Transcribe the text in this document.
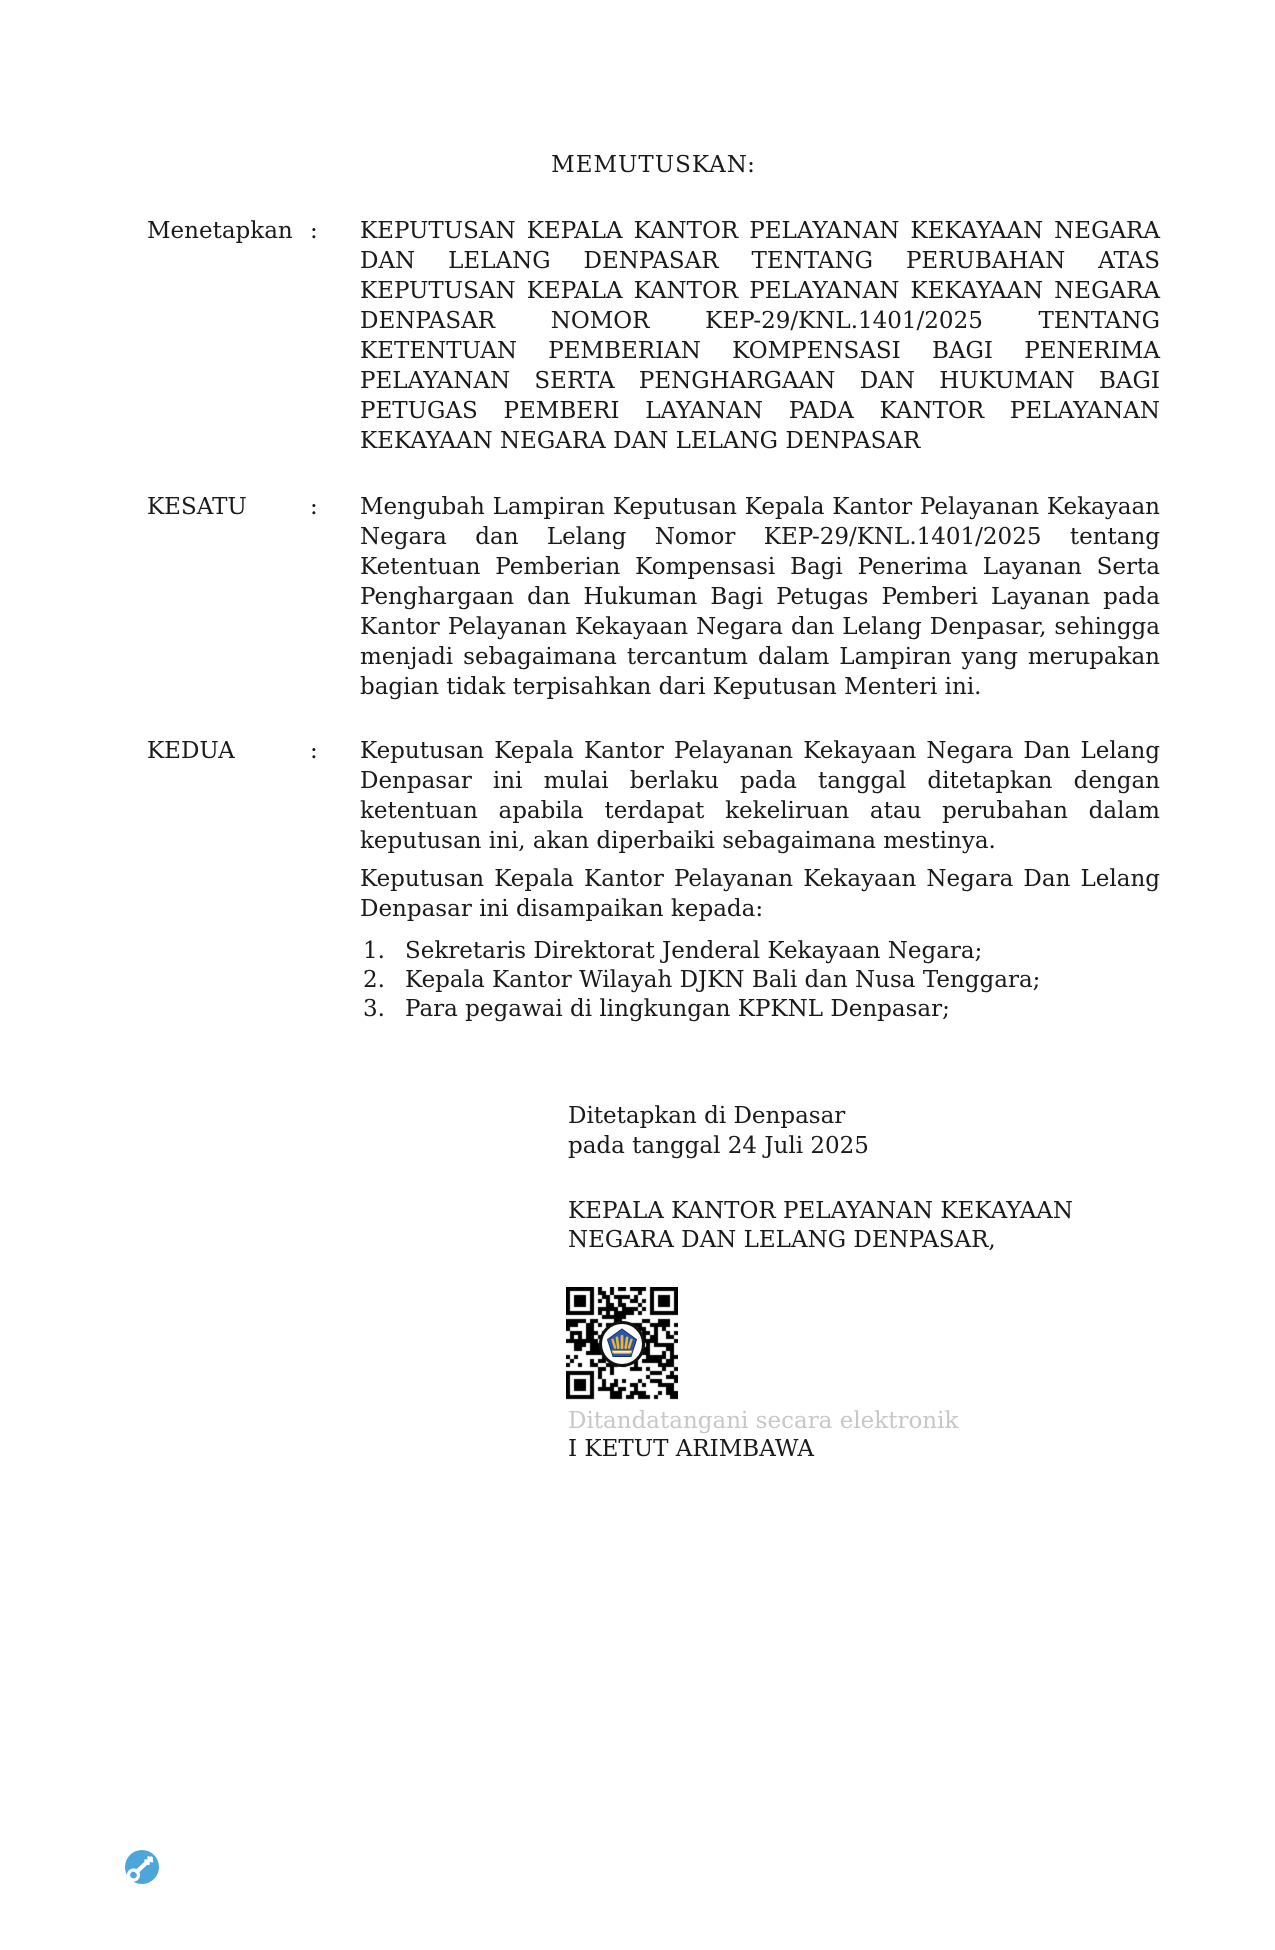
MEMUTUSKAN:
Menetapkan :	KEPUTUSAN KEPALA KANTOR PELAYANAN KEKAYAAN NEGARA
DAN LELANG DENPASAR TENTANG PERUBAHAN ATAS
KEPUTUSAN KEPALA KANTOR PELAYANAN KEKAYAAN NEGARA
DENPASAR NOMOR KEP-29/KNL.1401/2025 TENTANG
KETENTUAN PEMBERIAN KOMPENSASI BAGI PENERIMA
PELAYANAN SERTA PENGHARGAAN DAN HUKUMAN BAGI
PETUGAS PEMBERI LAYANAN PADA KANTOR PELAYANAN
KEKAYAAN NEGARA DAN LELANG DENPASAR
KESATU	:	Mengubah Lampiran Keputusan Kepala Kantor Pelayanan Kekayaan
Negara dan Lelang Nomor KEP-29/KNL.1401/2025 tentang
Ketentuan Pemberian Kompensasi Bagi Penerima Layanan Serta
Penghargaan dan Hukuman Bagi Petugas Pemberi Layanan pada
Kantor Pelayanan Kekayaan Negara dan Lelang Denpasar, sehingga
menjadi sebagaimana tercantum dalam Lampiran yang merupakan
bagian tidak terpisahkan dari Keputusan Menteri ini.
KEDUA	:	Keputusan Kepala Kantor Pelayanan Kekayaan Negara Dan Lelang
Denpasar ini mulai berlaku pada tanggal ditetapkan dengan
ketentuan apabila terdapat kekeliruan atau perubahan dalam
keputusan ini, akan diperbaiki sebagaimana mestinya.
Keputusan Kepala Kantor Pelayanan Kekayaan Negara Dan Lelang
Denpasar ini disampaikan kepada:
1. Sekretaris Direktorat Jenderal Kekayaan Negara;
2. Kepala Kantor Wilayah DJKN Bali dan Nusa Tenggara;
3. Para pegawai di lingkungan KPKNL Denpasar;
Ditetapkan di Denpasar
pada tanggal 24 Juli 2025
KEPALA KANTOR PELAYANAN KEKAYAAN
NEGARA DAN LELANG DENPASAR,
Ditandatangani secara elektronik
I KETUT ARIMBAWA
